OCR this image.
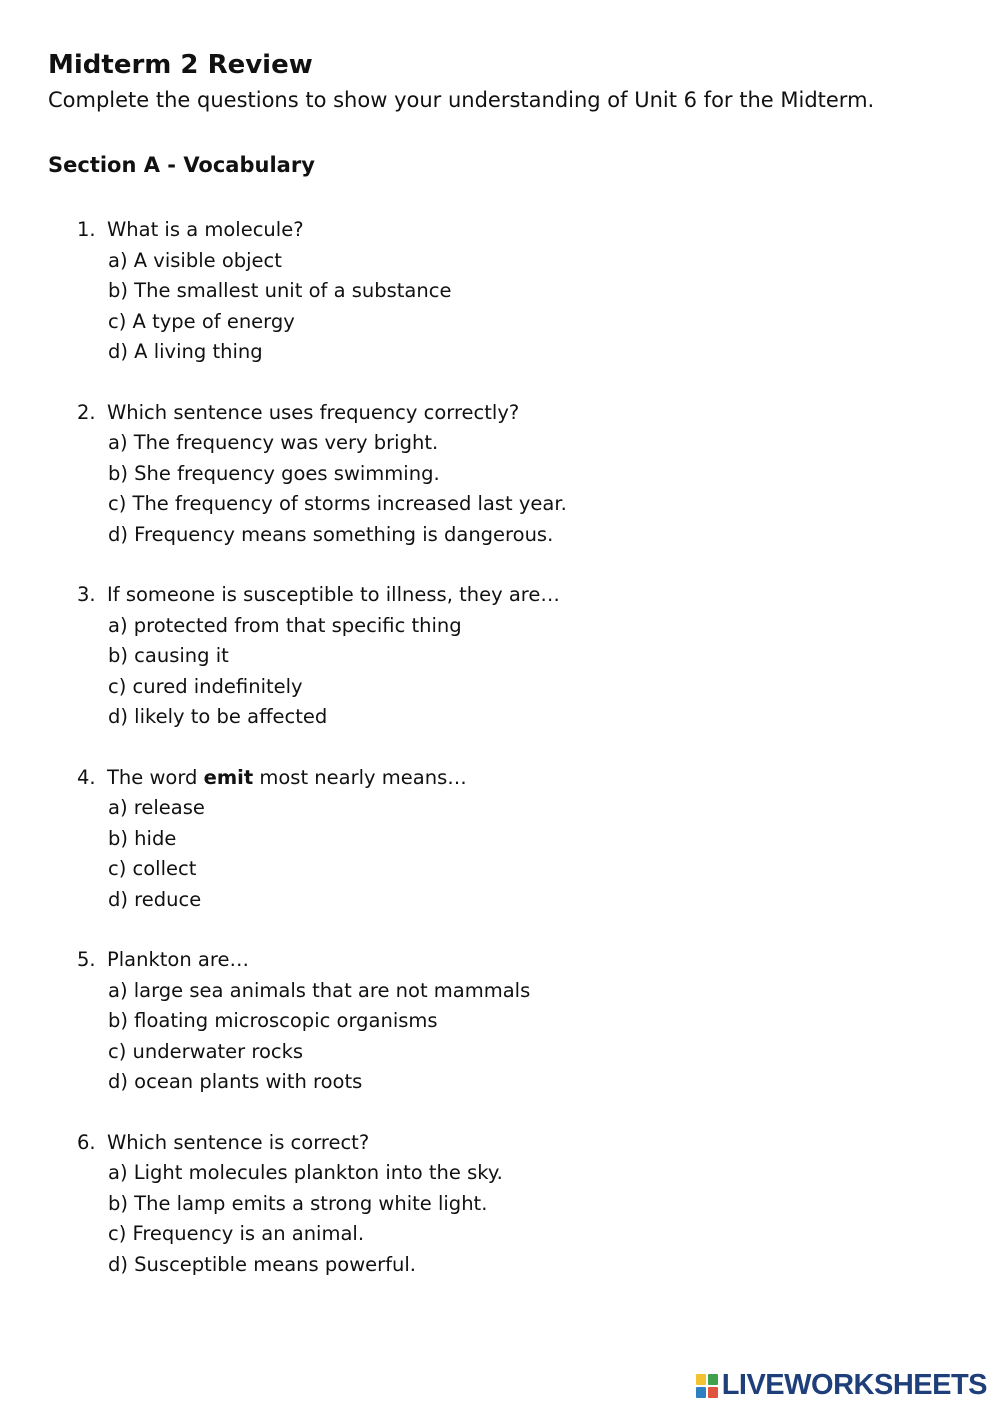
Midterm 2 Review

Complete the questions to show your understanding of Unit 6 for the Midterm.

Section A - Vocabulary
1. What is a molecule?
a) A visible object
b) The smallest unit of a substance
c) A type of energy
d) A living thing
2. Which sentence uses frequency correctly?
a) The frequency was very bright.
b) She frequency goes swimming.
c) The frequency of storms increased last year.
d) Frequency means something is dangerous.
3. If someone is susceptible to illness, they are…
a) protected from that specific thing
b) causing it
c) cured indefinitely
d) likely to be affected
4. The word emit most nearly means…
a) release
b) hide
c) collect
d) reduce
5. Plankton are…
a) large sea animals that are not mammals
b) floating microscopic organisms
c) underwater rocks
d) ocean plants with roots
6. Which sentence is correct?
a) Light molecules plankton into the sky.
b) The lamp emits a strong white light.
c) Frequency is an animal.
d) Susceptible means powerful.
LIVEWORKSHEETS
